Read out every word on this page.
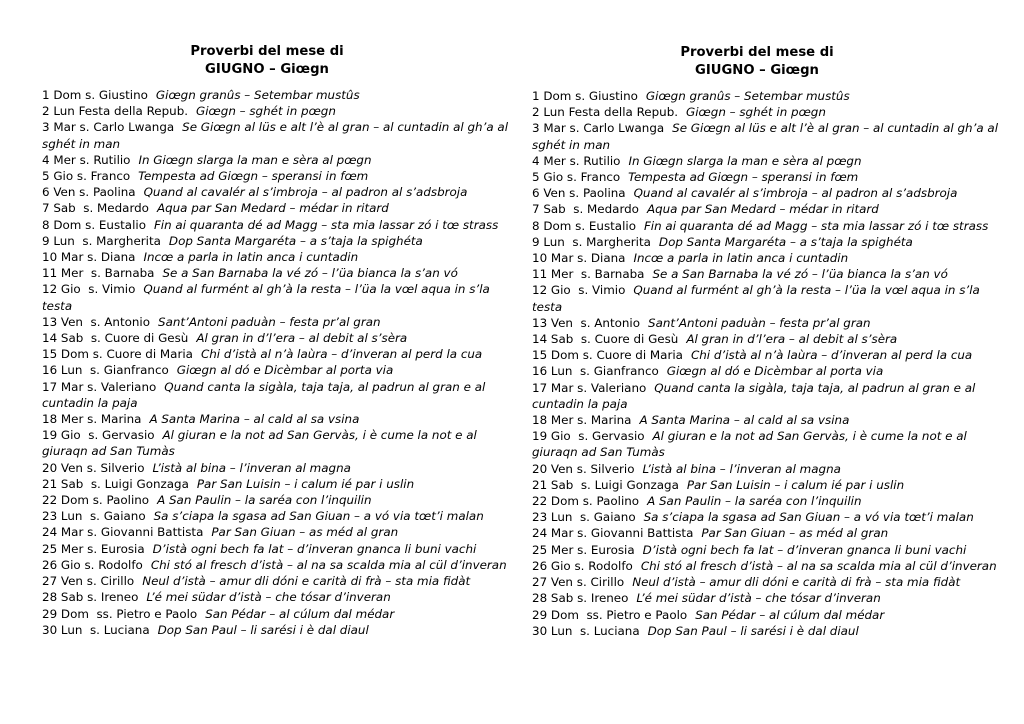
Proverbi del mese di
GIUGNO – Giœgn
1 Dom s. Giustino Giœgn granûs – Setembar mustûs
2 Lun Festa della Repub. Giœgn – sghét in pœgn
3 Mar s. Carlo Lwanga Se Giœgn al lüs e alt l’è al gran – al cuntadin al gh’a al sghét in man
4 Mer s. Rutilio In Giœgn slarga la man e sèra al pœgn
5 Gio s. Franco Tempesta ad Giœgn – speransi in fœm
6 Ven s. Paolina Quand al cavalér al s’imbroja – al padron al s’adsbroja
7 Sab  s. Medardo Aqua par San Medard – médar in ritard
8 Dom s. Eustalio Fin ai quaranta dé ad Magg – sta mia lassar zó i tœ strass
9 Lun  s. Margherita Dop Santa Margaréta – a s’taja la spighéta
10 Mar s. Diana Incœ a parla in latin anca i cuntadin
11 Mer  s. Barnaba Se a San Barnaba la vé zó – l’üa bianca la s’an vó
12 Gio  s. Vimio Quand al furmént al gh’à la resta – l’üa la vœl aqua in s’la testa
13 Ven  s. Antonio Sant’Antoni paduàn – festa pr’al gran
14 Sab  s. Cuore di Gesù Al gran in d’l’era – al debit al s’sèra
15 Dom s. Cuore di Maria Chi d’istà al n’à laùra – d’inveran al perd la cua
16 Lun  s. Gianfranco Giœgn al dó e Dicèmbar al porta via
17 Mar s. Valeriano Quand canta la sigàla, taja taja, al padrun al gran e al cuntadin la paja
18 Mer s. Marina A Santa Marina – al cald al sa vsina
19 Gio  s. Gervasio Al giuran e la not ad San Gervàs, i è cume la not e al giuraqn ad San Tumàs
20 Ven s. Silverio L’istà al bina – l’inveran al magna
21 Sab  s. Luigi Gonzaga Par San Luisin – i calum ié par i uslin
22 Dom s. Paolino A San Paulin – la saréa con l’inquilin
23 Lun  s. Gaiano Sa s’ciapa la sgasa ad San Giuan – a vó via tœt’i malan
24 Mar s. Giovanni Battista Par San Giuan – as méd al gran
25 Mer s. Eurosia D’istà ogni bech fa lat – d’inveran gnanca li buni vachi
26 Gio s. Rodolfo Chi stó al fresch d’istà – al na sa scalda mia al cül d’inveran
27 Ven s. Cirillo Neul d’istà – amur dli dóni e carità di frà – sta mia fidàt
28 Sab s. Ireneo L’é mei südar d’istà – che tósar d’inveran
29 Dom  ss. Pietro e Paolo San Pédar – al cúlum dal médar
30 Lun  s. Luciana Dop San Paul – li sarési i è dal diaul
Proverbi del mese di
GIUGNO – Giœgn
1 Dom s. Giustino Giœgn granûs – Setembar mustûs
2 Lun Festa della Repub. Giœgn – sghét in pœgn
3 Mar s. Carlo Lwanga Se Giœgn al lüs e alt l’è al gran – al cuntadin al gh’a al sghét in man
4 Mer s. Rutilio In Giœgn slarga la man e sèra al pœgn
5 Gio s. Franco Tempesta ad Giœgn – speransi in fœm
6 Ven s. Paolina Quand al cavalér al s’imbroja – al padron al s’adsbroja
7 Sab  s. Medardo Aqua par San Medard – médar in ritard
8 Dom s. Eustalio Fin ai quaranta dé ad Magg – sta mia lassar zó i tœ strass
9 Lun  s. Margherita Dop Santa Margaréta – a s’taja la spighéta
10 Mar s. Diana Incœ a parla in latin anca i cuntadin
11 Mer  s. Barnaba Se a San Barnaba la vé zó – l’üa bianca la s’an vó
12 Gio  s. Vimio Quand al furmént al gh’à la resta – l’üa la vœl aqua in s’la testa
13 Ven  s. Antonio Sant’Antoni paduàn – festa pr’al gran
14 Sab  s. Cuore di Gesù Al gran in d’l’era – al debit al s’sèra
15 Dom s. Cuore di Maria Chi d’istà al n’à laùra – d’inveran al perd la cua
16 Lun  s. Gianfranco Giœgn al dó e Dicèmbar al porta via
17 Mar s. Valeriano Quand canta la sigàla, taja taja, al padrun al gran e al cuntadin la paja
18 Mer s. Marina A Santa Marina – al cald al sa vsina
19 Gio  s. Gervasio Al giuran e la not ad San Gervàs, i è cume la not e al giuraqn ad San Tumàs
20 Ven s. Silverio L’istà al bina – l’inveran al magna
21 Sab  s. Luigi Gonzaga Par San Luisin – i calum ié par i uslin
22 Dom s. Paolino A San Paulin – la saréa con l’inquilin
23 Lun  s. Gaiano Sa s’ciapa la sgasa ad San Giuan – a vó via tœt’i malan
24 Mar s. Giovanni Battista Par San Giuan – as méd al gran
25 Mer s. Eurosia D’istà ogni bech fa lat – d’inveran gnanca li buni vachi
26 Gio s. Rodolfo Chi stó al fresch d’istà – al na sa scalda mia al cül d’inveran
27 Ven s. Cirillo Neul d’istà – amur dli dóni e carità di frà – sta mia fidàt
28 Sab s. Ireneo L’é mei südar d’istà – che tósar d’inveran
29 Dom  ss. Pietro e Paolo San Pédar – al cúlum dal médar
30 Lun  s. Luciana Dop San Paul – li sarési i è dal diaul
